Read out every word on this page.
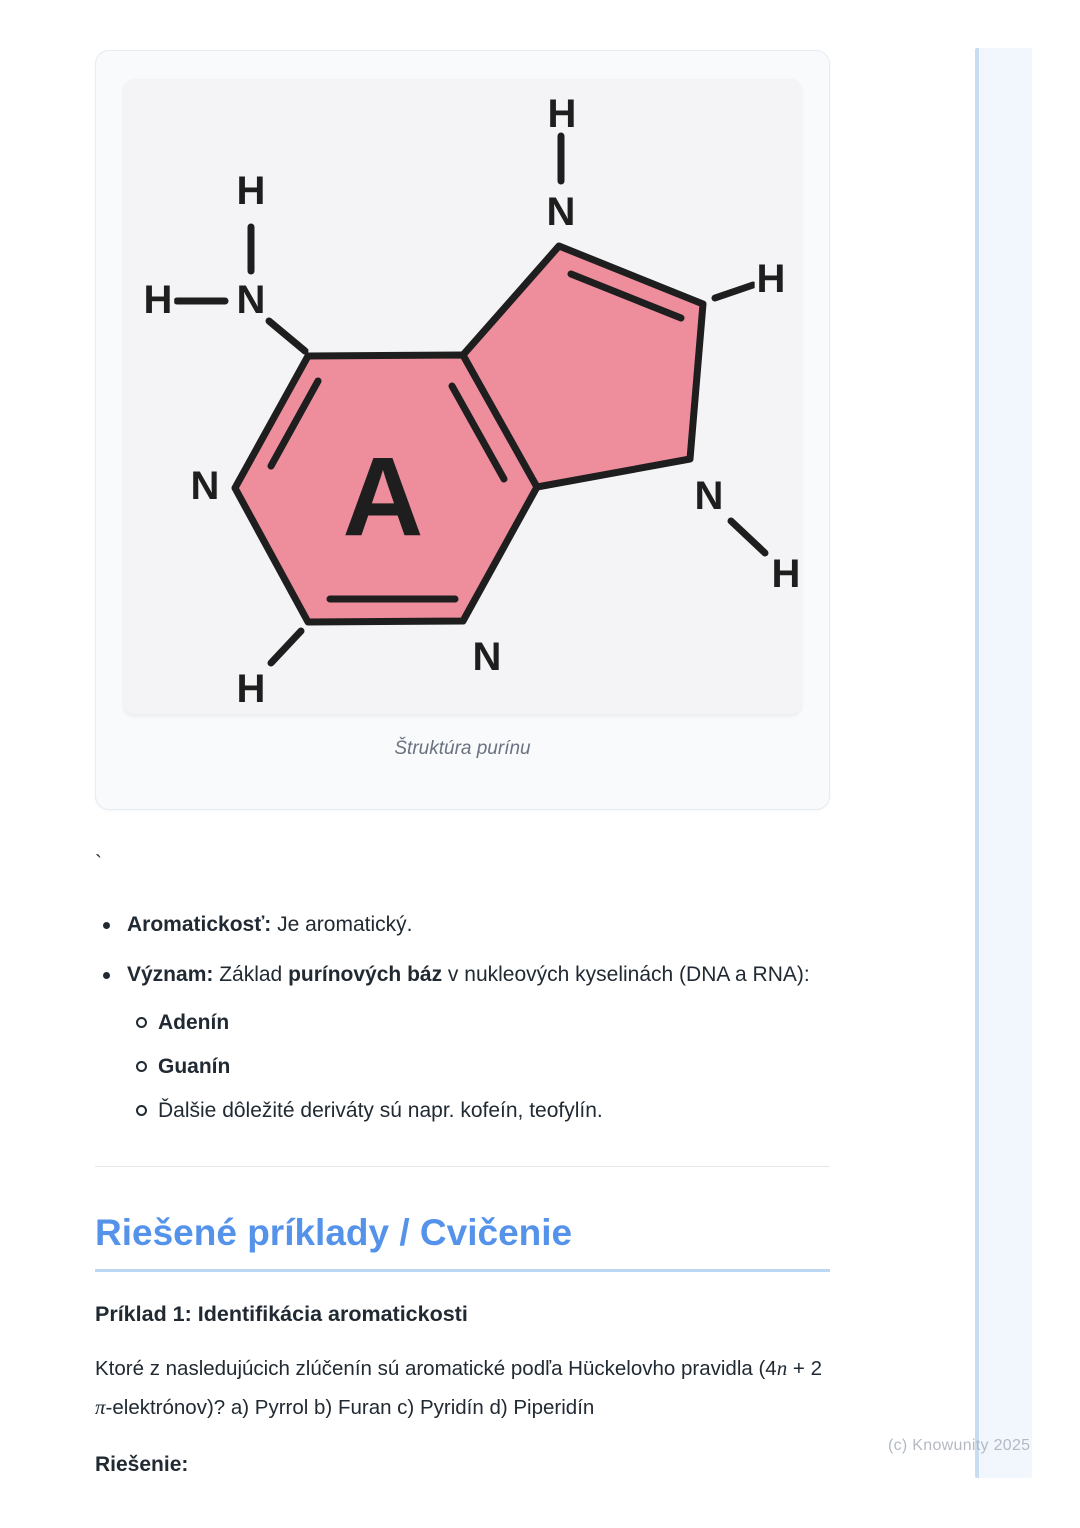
H
H N
N
H
N
H
N
H
N
H
A
Štruktúra purínu

`

Aromatickosť: Je aromatický.
Význam: Základ purínových báz v nukleových kyselinách (DNA a RNA):
Adenín
Guanín
Ďalšie dôležité deriváty sú napr. kofeín, teofylín.
Riešené príklady / Cvičenie

Príklad 1: Identifikácia aromatickosti

Ktoré z nasledujúcich zlúčenín sú aromatické podľa Hückelovho pravidla (4n + 2 π-elektrónov)? a) Pyrrol b) Furan c) Pyridín d) Piperidín

Riešenie:

(c) Knowunity 2025
